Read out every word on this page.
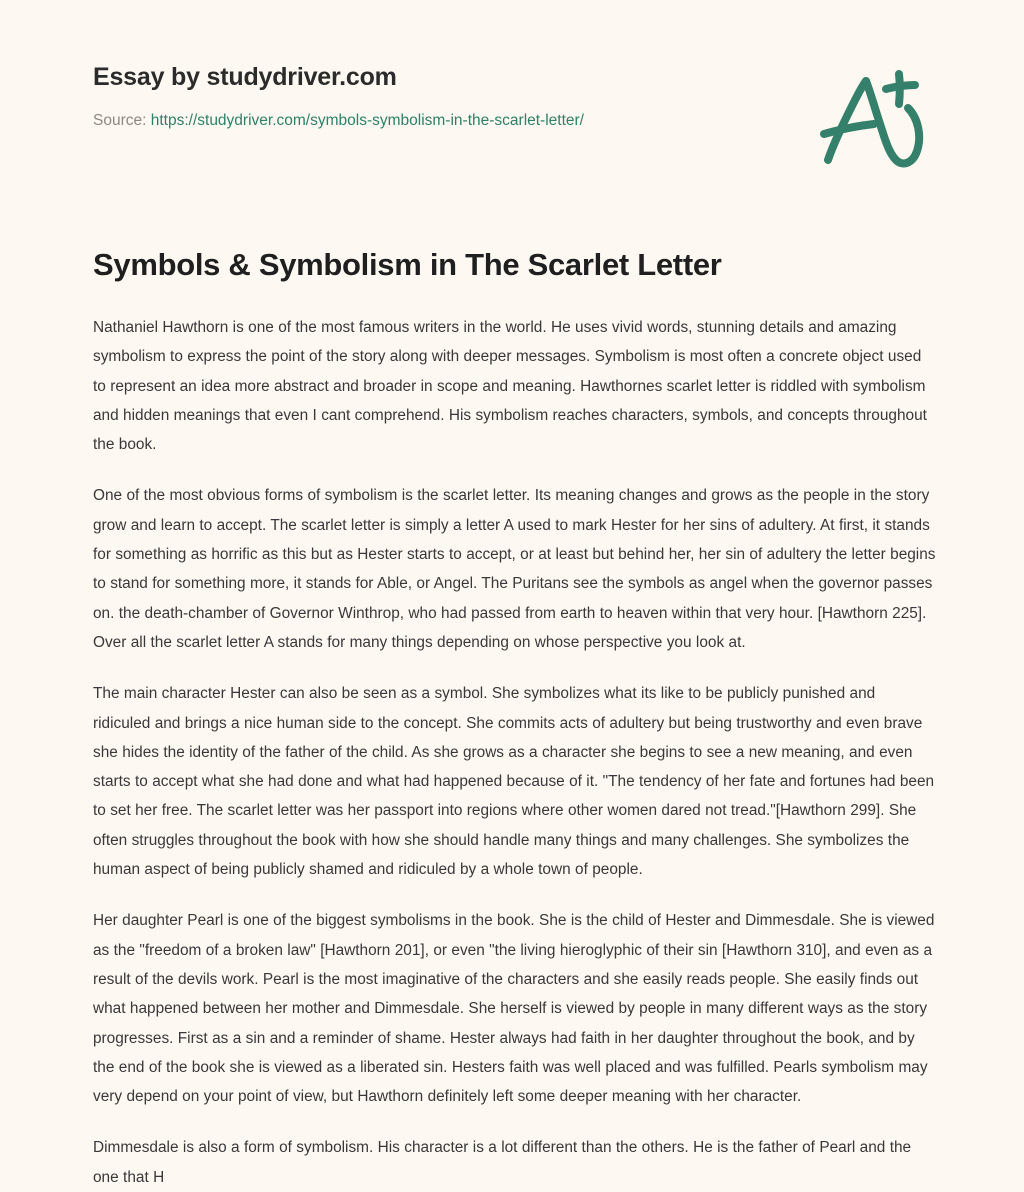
Essay by studydriver.com

Source: https://studydriver.com/symbols-symbolism-in-the-scarlet-letter/

Symbols & Symbolism in The Scarlet Letter

Nathaniel Hawthorn is one of the most famous writers in the world. He uses vivid words, stunning details and amazing symbolism to express the point of the story along with deeper messages. Symbolism is most often a concrete object used to represent an idea more abstract and broader in scope and meaning. Hawthornes scarlet letter is riddled with symbolism and hidden meanings that even I cant comprehend. His symbolism reaches characters, symbols, and concepts throughout the book.

One of the most obvious forms of symbolism is the scarlet letter. Its meaning changes and grows as the people in the story grow and learn to accept. The scarlet letter is simply a letter A used to mark Hester for her sins of adultery. At first, it stands for something as horrific as this but as Hester starts to accept, or at least but behind her, her sin of adultery the letter begins to stand for something more, it stands for Able, or Angel. The Puritans see the symbols as angel when the governor passes on. the death-chamber of Governor Winthrop, who had passed from earth to heaven within that very hour. [Hawthorn 225]. Over all the scarlet letter A stands for many things depending on whose perspective you look at.

The main character Hester can also be seen as a symbol. She symbolizes what its like to be publicly punished and ridiculed and brings a nice human side to the concept. She commits acts of adultery but being trustworthy and even brave she hides the identity of the father of the child. As she grows as a character she begins to see a new meaning, and even starts to accept what she had done and what had happened because of it. "The tendency of her fate and fortunes had been to set her free. The scarlet letter was her passport into regions where other women dared not tread."[Hawthorn 299]. She often struggles throughout the book with how she should handle many things and many challenges. She symbolizes the human aspect of being publicly shamed and ridiculed by a whole town of people.

Her daughter Pearl is one of the biggest symbolisms in the book. She is the child of Hester and Dimmesdale. She is viewed as the "freedom of a broken law" [Hawthorn 201], or even "the living hieroglyphic of their sin [Hawthorn 310], and even as a result of the devils work. Pearl is the most imaginative of the characters and she easily reads people. She easily finds out what happened between her mother and Dimmesdale. She herself is viewed by people in many different ways as the story progresses. First as a sin and a reminder of shame. Hester always had faith in her daughter throughout the book, and by the end of the book she is viewed as a liberated sin. Hesters faith was well placed and was fulfilled. Pearls symbolism may very depend on your point of view, but Hawthorn definitely left some deeper meaning with her character.

Dimmesdale is also a form of symbolism. His character is a lot different than the others. He is the father of Pearl and the one that H
